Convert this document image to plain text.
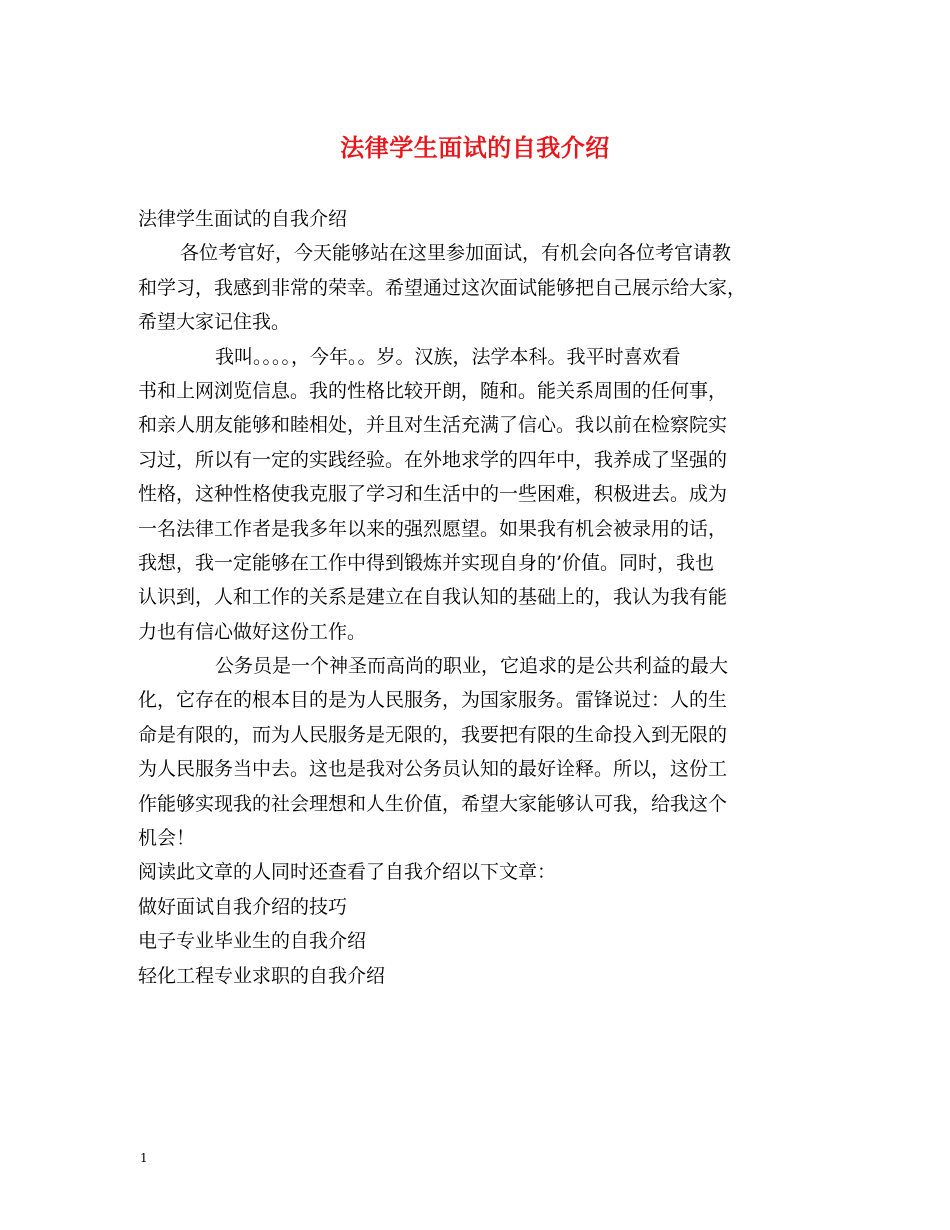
法律学生面试的自我介绍
法律学生面试的自我介绍
各位考官好，今天能够站在这里参加面试，有机会向各位考官请教
和学习，我感到非常的荣幸。希望通过这次面试能够把自己展示给大家，
希望大家记住我。
我叫。。。。，今年。。岁。汉族，法学本科。我平时喜欢看
书和上网浏览信息。我的性格比较开朗，随和。能关系周围的任何事，
和亲人朋友能够和睦相处，并且对生活充满了信心。我以前在检察院实
习过，所以有一定的实践经验。在外地求学的四年中，我养成了坚强的
性格，这种性格使我克服了学习和生活中的一些困难，积极进去。成为
一名法律工作者是我多年以来的强烈愿望。如果我有机会被录用的话，
我想，我一定能够在工作中得到锻炼并实现自身的’价值。同时，我也
认识到，人和工作的关系是建立在自我认知的基础上的，我认为我有能
力也有信心做好这份工作。
公务员是一个神圣而高尚的职业，它追求的是公共利益的最大
化，它存在的根本目的是为人民服务，为国家服务。雷锋说过：人的生
命是有限的，而为人民服务是无限的，我要把有限的生命投入到无限的
为人民服务当中去。这也是我对公务员认知的最好诠释。所以，这份工
作能够实现我的社会理想和人生价值，希望大家能够认可我，给我这个
机会！
阅读此文章的人同时还查看了自我介绍以下文章：
做好面试自我介绍的技巧
电子专业毕业生的自我介绍
轻化工程专业求职的自我介绍
1
